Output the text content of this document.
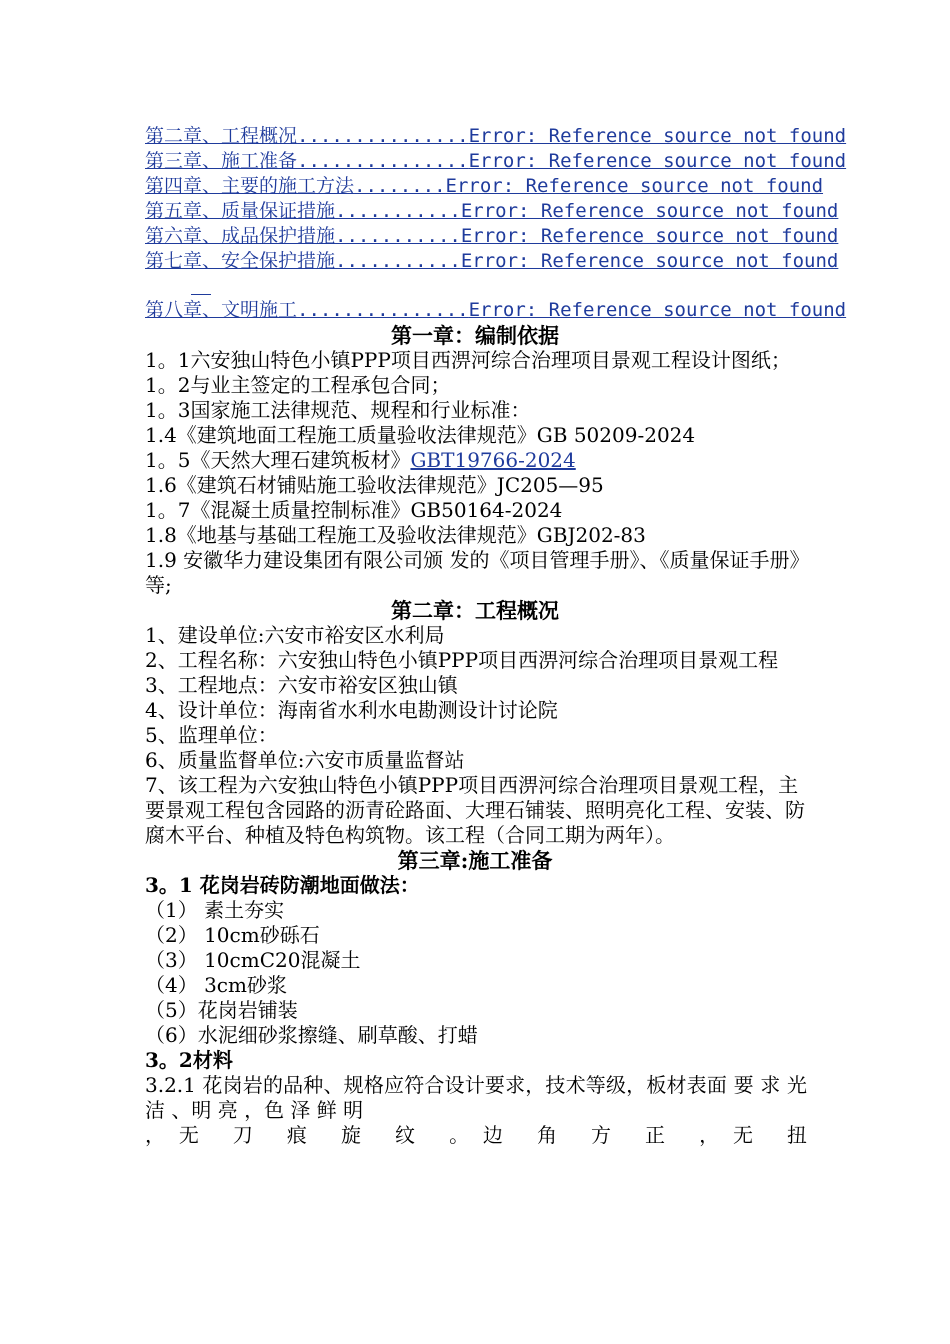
第二章、工程概况...............Error: Reference source not found
第三章、施工准备...............Error: Reference source not found
第四章、主要的施工方法........Error: Reference source not found
第五章、质量保证措施...........Error: Reference source not found
第六章、成品保护措施...........Error: Reference source not found
第七章、安全保护措施...........Error: Reference source not found
第八章、文明施工...............Error: Reference source not found
第一章：编制依据
1。1六安独山特色小镇PPP项目西淠河综合治理项目景观工程设计图纸；
1。2与业主签定的工程承包合同；
1。3国家施工法律规范、规程和行业标准：
1.4《建筑地面工程施工质量验收法律规范》GB 50209-2024
1。5《天然大理石建筑板材》GBT19766-2024
1.6《建筑石材铺贴施工验收法律规范》JC205—95
1。7《混凝土质量控制标准》GB50164-2024
1.8《地基与基础工程施工及验收法律规范》GBJ202-83
1.9 安徽华力建设集团有限公司颁 发的《项目管理手册》、《质量保证手册》等;
第二章：工程概况
1、建设单位:六安市裕安区水利局
2、工程名称：六安独山特色小镇PPP项目西淠河综合治理项目景观工程
3、工程地点：六安市裕安区独山镇
4、设计单位：海南省水利水电勘测设计讨论院
5、监理单位：
6、质量监督单位:六安市质量监督站
7、该工程为六安独山特色小镇PPP项目西淠河综合治理项目景观工程，主要景观工程包含园路的沥青砼路面、大理石铺装、照明亮化工程、安装、防腐木平台、种植及特色构筑物。该工程（合同工期为两年）。
第三章:施工准备
3。1 花岗岩砖防潮地面做法：
（1） 素土夯实
（2） 10cm砂砾石
（3） 10cmC20混凝土
（4） 3cm砂浆
（5）花岗岩铺装
（6）水泥细砂浆擦缝、刷草酸、打蜡
3。2材料
3.2.1 花岗岩的品种、规格应符合设计要求，技术等级，板材表面 要 求 光 洁 、明 亮 ，色 泽 鲜 明
，无 刀 痕 旋 纹 。边 角 方 正 ，无 扭
